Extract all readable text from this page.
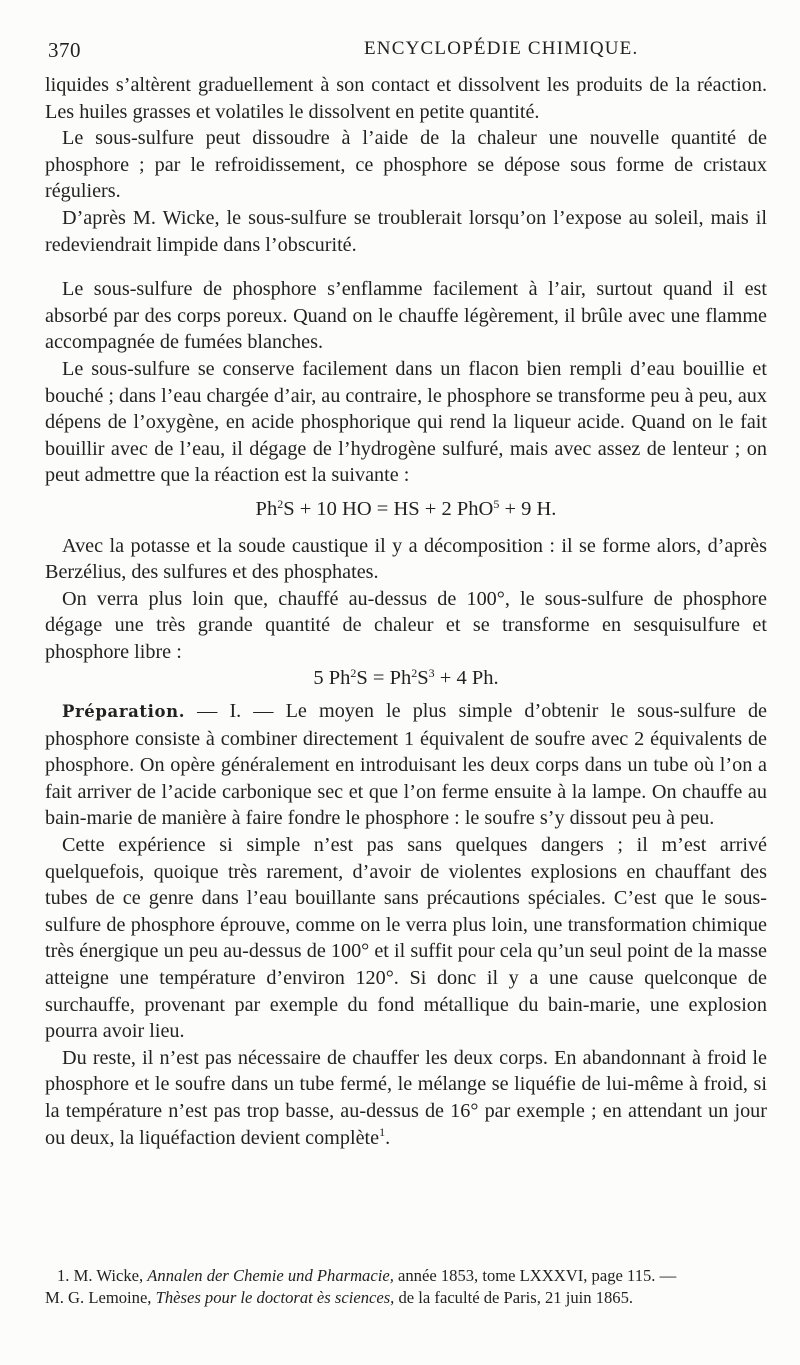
370	ENCYCLOPÉDIE CHIMIQUE.

liquides s’altèrent graduellement à son contact et dissolvent les produits de la réaction. Les huiles grasses et volatiles le dissolvent en petite quantité.

Le sous-sulfure peut dissoudre à l’aide de la chaleur une nouvelle quantité de phosphore ; par le refroidissement, ce phosphore se dépose sous forme de cristaux réguliers.

D’après M. Wicke, le sous-sulfure se troublerait lorsqu’on l’expose au soleil, mais il redeviendrait limpide dans l’obscurité.

Le sous-sulfure de phosphore s’enflamme facilement à l’air, surtout quand il est absorbé par des corps poreux. Quand on le chauffe légèrement, il brûle avec une flamme accompagnée de fumées blanches.

Le sous-sulfure se conserve facilement dans un flacon bien rempli d’eau bouillie et bouché ; dans l’eau chargée d’air, au contraire, le phosphore se transforme peu à peu, aux dépens de l’oxygène, en acide phosphorique qui rend la liqueur acide. Quand on le fait bouillir avec de l’eau, il dégage de l’hydrogène sulfuré, mais avec assez de lenteur ; on peut admettre que la réaction est la suivante :

$Ph^2S + 10$ HO = HS + 2 PhO$^5$ + 9 H.

Avec la potasse et la soude caustique il y a décomposition : il se forme alors, d’après Berzélius, des sulfures et des phosphates.

On verra plus loin que, chauffé au-dessus de 100°, le sous-sulfure de phosphore dégage une très grande quantité de chaleur et se transforme en sesquisulfure et phosphore libre :

5 $Ph^2S = Ph^2S^3 + 4$ Ph.

Préparation. — I. — Le moyen le plus simple d’obtenir le sous-sulfure de phosphore consiste à combiner directement 1 équivalent de soufre avec 2 équivalents de phosphore. On opère généralement en introduisant les deux corps dans un tube où l’on a fait arriver de l’acide carbonique sec et que l’on ferme ensuite à la lampe. On chauffe au bain-marie de manière à faire fondre le phosphore : le soufre s’y dissout peu à peu.

Cette expérience si simple n’est pas sans quelques dangers ; il m’est arrivé quelquefois, quoique très rarement, d’avoir de violentes explosions en chauffant des tubes de ce genre dans l’eau bouillante sans précautions spéciales. C’est que le sous-sulfure de phosphore éprouve, comme on le verra plus loin, une transformation chimique très énergique un peu au-dessus de 100° et il suffit pour cela qu’un seul point de la masse atteigne une température d’environ 120°. Si donc il y a une cause quelconque de surchauffe, provenant par exemple du fond métallique du bain-marie, une explosion pourra avoir lieu.

Du reste, il n’est pas nécessaire de chauffer les deux corps. En abandonnant à froid le phosphore et le soufre dans un tube fermé, le mélange se liquéfie de lui-même à froid, si la température n’est pas trop basse, au-dessus de 16° par exemple ; en attendant un jour ou deux, la liquéfaction devient complète$^1$.

1. M. Wicke, Annalen der Chemie und Pharmacie, année 1853, tome LXXXVI, page 115. —

M. G. Lemoine, Thèses pour le doctorat ès sciences, de la faculté de Paris, 21 juin 1865.
